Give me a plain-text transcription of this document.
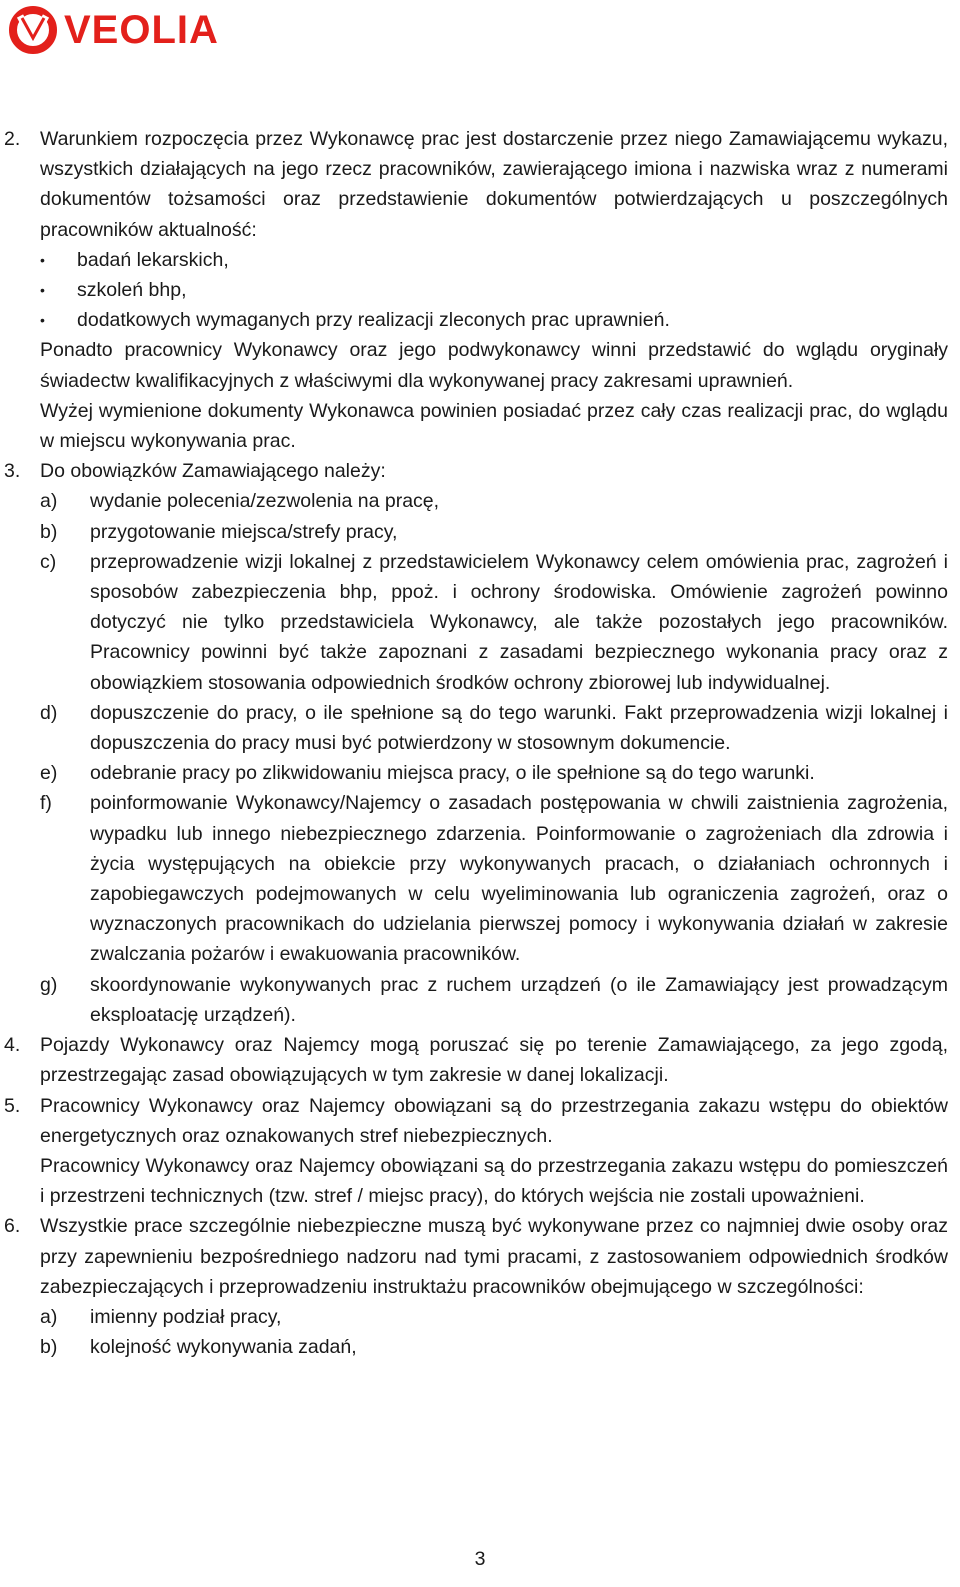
VEOLIA
2. Warunkiem rozpoczęcia przez Wykonawcę prac jest dostarczenie przez niego Zamawiającemu wykazu, wszystkich działających na jego rzecz pracowników, zawierającego imiona i nazwiska wraz z numerami dokumentów tożsamości oraz przedstawienie dokumentów potwierdzających u poszczególnych pracowników aktualność:
• badań lekarskich,
• szkoleń bhp,
• dodatkowych wymaganych przy realizacji zleconych prac uprawnień.
Ponadto pracownicy Wykonawcy oraz jego podwykonawcy winni przedstawić do wglądu oryginały świadectw kwalifikacyjnych z właściwymi dla wykonywanej pracy zakresami uprawnień.
Wyżej wymienione dokumenty Wykonawca powinien posiadać przez cały czas realizacji prac, do wglądu w miejscu wykonywania prac.
3. Do obowiązków Zamawiającego należy:
a) wydanie polecenia/zezwolenia na pracę,
b) przygotowanie miejsca/strefy pracy,
c) przeprowadzenie wizji lokalnej z przedstawicielem Wykonawcy celem omówienia prac, zagrożeń i sposobów zabezpieczenia bhp, ppoż. i ochrony środowiska. Omówienie zagrożeń powinno dotyczyć nie tylko przedstawiciela Wykonawcy, ale także pozostałych jego pracowników. Pracownicy powinni być także zapoznani z zasadami bezpiecznego wykonania pracy oraz z obowiązkiem stosowania odpowiednich środków ochrony zbiorowej lub indywidualnej.
d) dopuszczenie do pracy, o ile spełnione są do tego warunki. Fakt przeprowadzenia wizji lokalnej i dopuszczenia do pracy musi być potwierdzony w stosownym dokumencie.
e) odebranie pracy po zlikwidowaniu miejsca pracy, o ile spełnione są do tego warunki.
f) poinformowanie Wykonawcy/Najemcy o zasadach postępowania w chwili zaistnienia zagrożenia, wypadku lub innego niebezpiecznego zdarzenia. Poinformowanie o zagrożeniach dla zdrowia i życia występujących na obiekcie przy wykonywanych pracach, o działaniach ochronnych i zapobiegawczych podejmowanych w celu wyeliminowania lub ograniczenia zagrożeń, oraz o wyznaczonych pracownikach do udzielania pierwszej pomocy i wykonywania działań w zakresie zwalczania pożarów i ewakuowania pracowników.
g) skoordynowanie wykonywanych prac z ruchem urządzeń (o ile Zamawiający jest prowadzącym eksploatację urządzeń).
4. Pojazdy Wykonawcy oraz Najemcy mogą poruszać się po terenie Zamawiającego, za jego zgodą, przestrzegając zasad obowiązujących w tym zakresie w danej lokalizacji.
5. Pracownicy Wykonawcy oraz Najemcy obowiązani są do przestrzegania zakazu wstępu do obiektów energetycznych oraz oznakowanych stref niebezpiecznych.
Pracownicy Wykonawcy oraz Najemcy obowiązani są do przestrzegania zakazu wstępu do pomieszczeń i przestrzeni technicznych (tzw. stref / miejsc pracy), do których wejścia nie zostali upoważnieni.
6. Wszystkie prace szczególnie niebezpieczne muszą być wykonywane przez co najmniej dwie osoby oraz przy zapewnieniu bezpośredniego nadzoru nad tymi pracami, z zastosowaniem odpowiednich środków zabezpieczających i przeprowadzeniu instruktażu pracowników obejmującego w szczególności:
a) imienny podział pracy,
b) kolejność wykonywania zadań,
3
